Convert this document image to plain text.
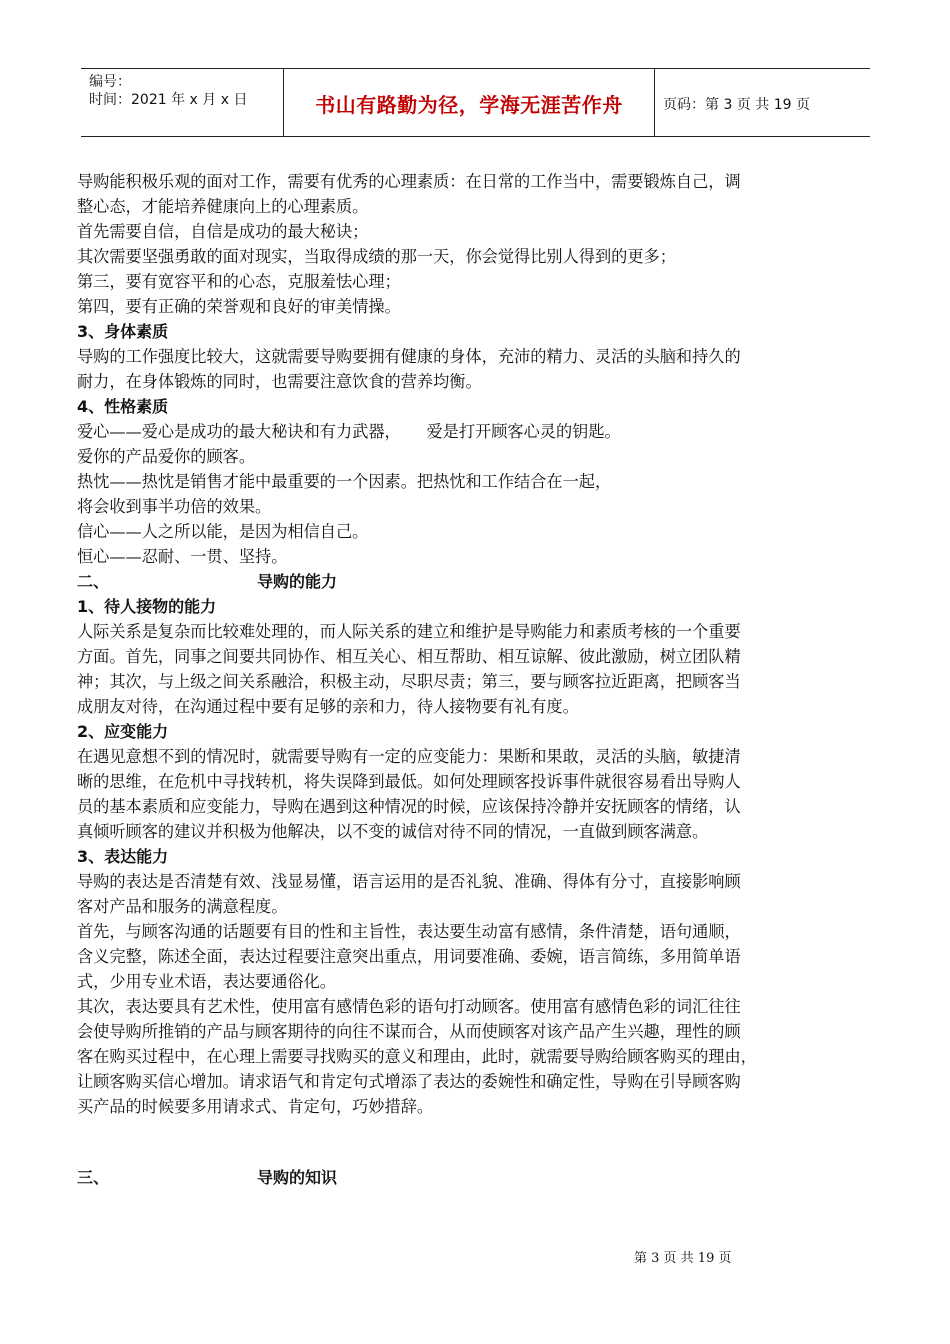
编号：
时间：2021 年 x 月 x 日	书山有路勤为径，学海无涯苦作舟	页码：第 3 页 共 19 页

导购能积极乐观的面对工作，需要有优秀的心理素质：在日常的工作当中，需要锻炼自己，调

整心态，才能培养健康向上的心理素质。

首先需要自信，自信是成功的最大秘诀；

其次需要坚强勇敢的面对现实，当取得成绩的那一天，你会觉得比别人得到的更多；

第三，要有宽容平和的心态，克服羞怯心理；

第四，要有正确的荣誉观和良好的审美情操。

3、身体素质

导购的工作强度比较大，这就需要导购要拥有健康的身体，充沛的精力、灵活的头脑和持久的

耐力，在身体锻炼的同时，也需要注意饮食的营养均衡。

4、性格素质

爱心——爱心是成功的最大秘诀和有力武器，     爱是打开顾客心灵的钥匙。

爱你的产品爱你的顾客。

热忱——热忱是销售才能中最重要的一个因素。把热忱和工作结合在一起，

将会收到事半功倍的效果。

信心——人之所以能，是因为相信自己。

恒心——忍耐、一贯、坚持。

二、	导购的能力

1、待人接物的能力

人际关系是复杂而比较难处理的，而人际关系的建立和维护是导购能力和素质考核的一个重要

方面。首先，同事之间要共同协作、相互关心、相互帮助、相互谅解、彼此激励，树立团队精

神；其次，与上级之间关系融洽，积极主动，尽职尽责；第三，要与顾客拉近距离，把顾客当

成朋友对待，在沟通过程中要有足够的亲和力，待人接物要有礼有度。

2、应变能力

在遇见意想不到的情况时，就需要导购有一定的应变能力：果断和果敢，灵活的头脑，敏捷清

晰的思维，在危机中寻找转机，将失误降到最低。如何处理顾客投诉事件就很容易看出导购人

员的基本素质和应变能力，导购在遇到这种情况的时候，应该保持冷静并安抚顾客的情绪，认

真倾听顾客的建议并积极为他解决，以不变的诚信对待不同的情况，一直做到顾客满意。

3、表达能力

导购的表达是否清楚有效、浅显易懂，语言运用的是否礼貌、准确、得体有分寸，直接影响顾

客对产品和服务的满意程度。

首先，与顾客沟通的话题要有目的性和主旨性，表达要生动富有感情，条件清楚，语句通顺，

含义完整，陈述全面，表达过程要注意突出重点，用词要准确、委婉，语言简练，多用简单语

式，少用专业术语，表达要通俗化。

其次，表达要具有艺术性，使用富有感情色彩的语句打动顾客。使用富有感情色彩的词汇往往

会使导购所推销的产品与顾客期待的向往不谋而合，从而使顾客对该产品产生兴趣，理性的顾

客在购买过程中，在心理上需要寻找购买的意义和理由，此时，就需要导购给顾客购买的理由，

让顾客购买信心增加。请求语气和肯定句式增添了表达的委婉性和确定性，导购在引导顾客购

买产品的时候要多用请求式、肯定句，巧妙措辞。

三、	导购的知识
第 3 页 共 19 页
